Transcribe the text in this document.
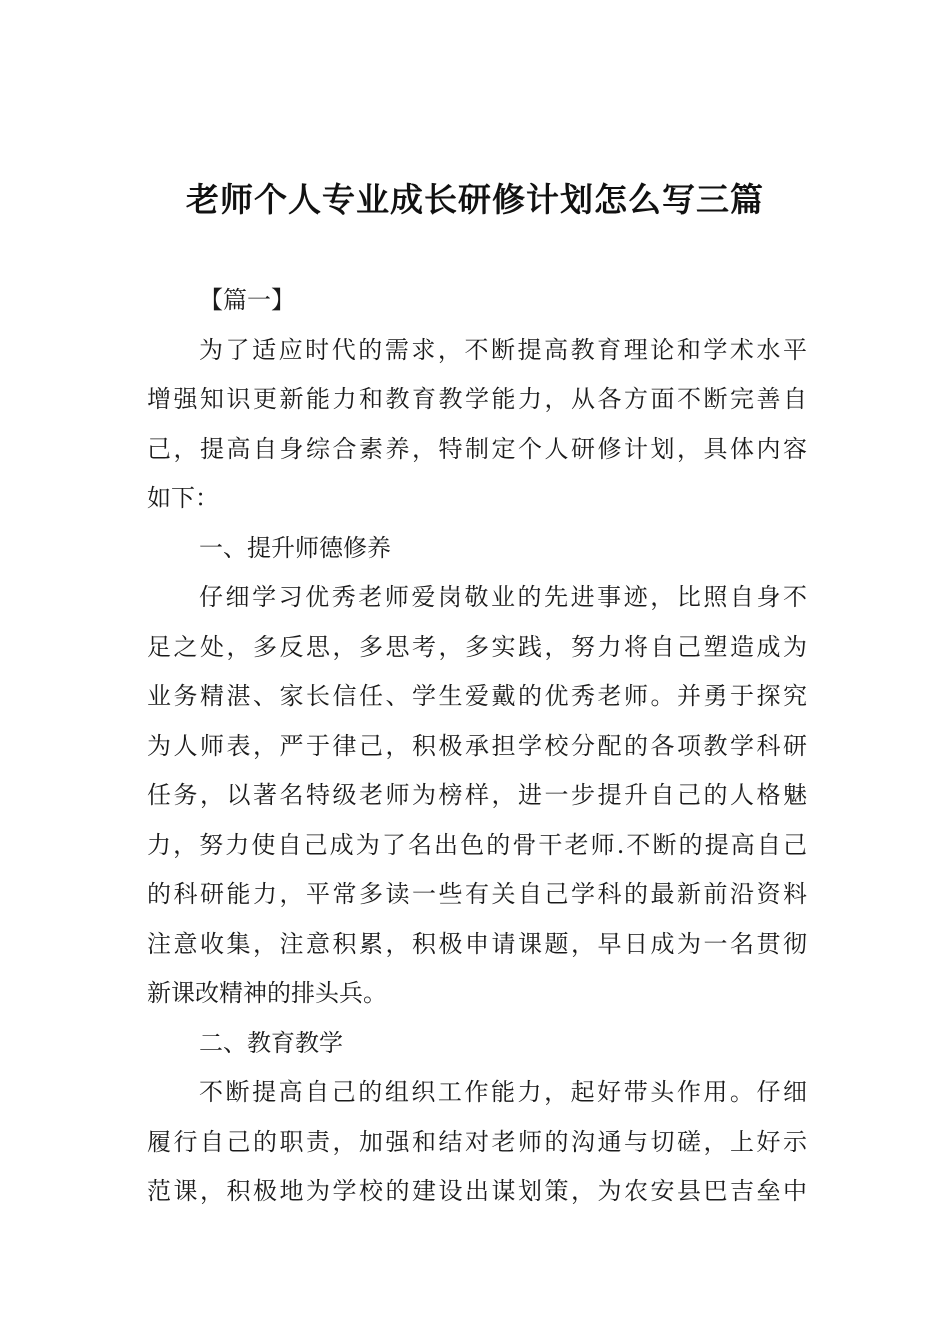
老师个人专业成长研修计划怎么写三篇

【篇一】

为了适应时代的需求，不断提高教育理论和学术水平
增强知识更新能力和教育教学能力，从各方面不断完善自
己，提高自身综合素养，特制定个人研修计划，具体内容
如下：

一、提升师德修养

仔细学习优秀老师爱岗敬业的先进事迹，比照自身不
足之处，多反思，多思考，多实践，努力将自己塑造成为
业务精湛、家长信任、学生爱戴的优秀老师。并勇于探究
为人师表，严于律己，积极承担学校分配的各项教学科研
任务，以著名特级老师为榜样，进一步提升自己的人格魅
力，努力使自己成为了名出色的骨干老师.不断的提高自己
的科研能力，平常多读一些有关自己学科的最新前沿资料
注意收集，注意积累，积极申请课题，早日成为一名贯彻
新课改精神的排头兵。

二、教育教学

不断提高自己的组织工作能力，起好带头作用。仔细
履行自己的职责，加强和结对老师的沟通与切磋，上好示
范课，积极地为学校的建设出谋划策，为农安县巴吉垒中
